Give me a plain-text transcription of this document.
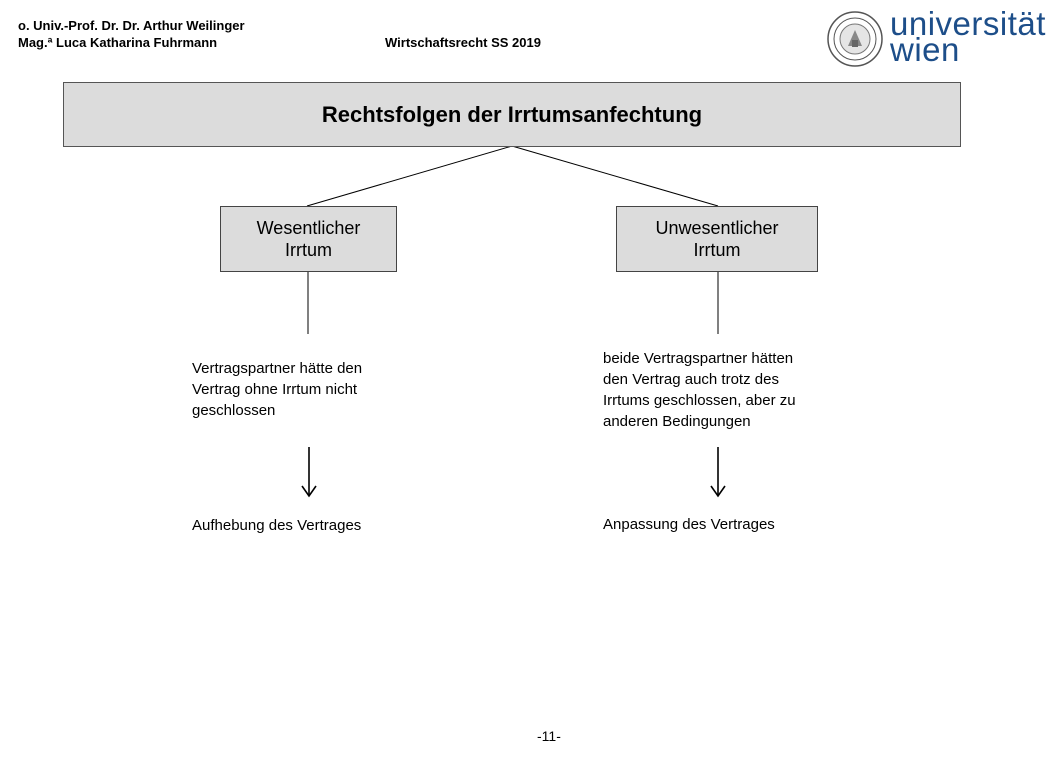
o. Univ.-Prof. Dr. Dr. Arthur Weilinger
Mag.ª Luca Katharina Fuhrmann	Wirtschaftsrecht SS 2019
universität
wien
Rechtsfolgen der Irrtumsanfechtung
Wesentlicher
Irrtum
Unwesentlicher
Irrtum
Vertragspartner hätte den
Vertrag ohne Irrtum nicht
geschlossen
beide Vertragspartner hätten
den Vertrag auch trotz des
Irrtums geschlossen, aber zu
anderen Bedingungen
Aufhebung des Vertrages	Anpassung des Vertrages
-11-
